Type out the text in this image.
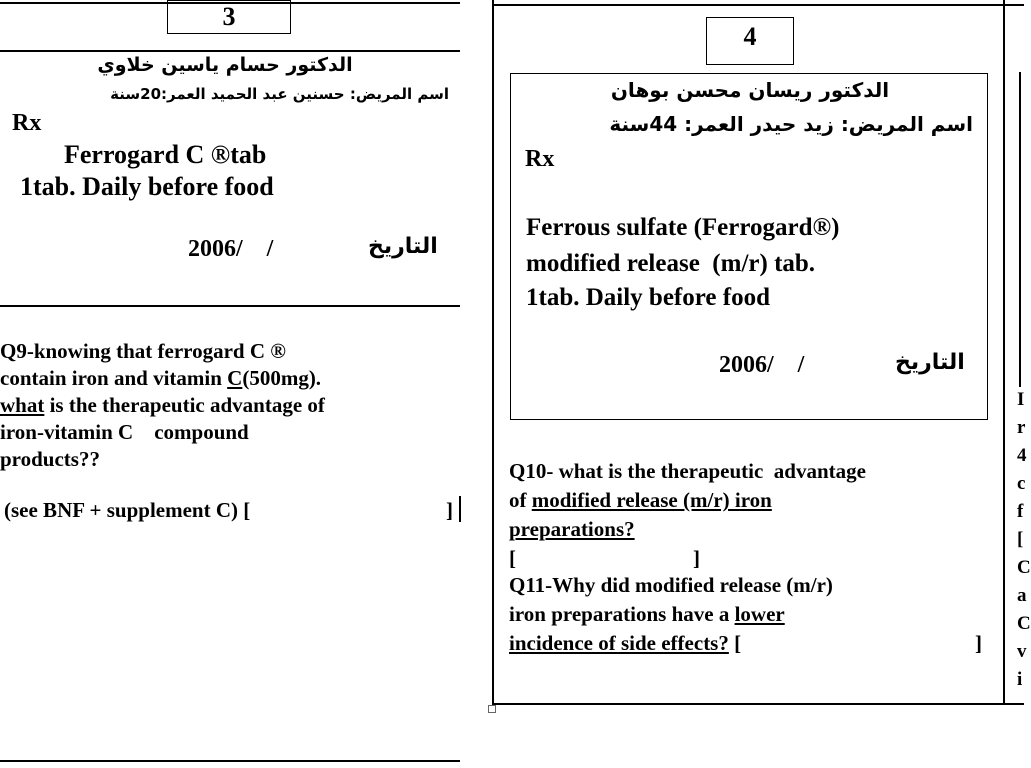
3
الدكتور حسام ياسين خلاوي
اسم المريض: حسنين عبد الحميد العمر:20سنة
Rx
Ferrogard C ®tab
1tab. Daily before food
2006/    /	التاريخ
Q9-knowing that ferrogard C ®
contain iron and vitamin C(500mg).
what is the therapeutic advantage of
iron-vitamin C    compound
products??
(see BNF + supplement C) [	]
4
الدكتور ريسان محسن بوهان
اسم المريض: زيد حيدر العمر: 44سنة
Rx
Ferrous sulfate (Ferrogard®)
modified release  (m/r) tab.
1tab. Daily before food
2006/    /	التاريخ
Q10- what is the therapeutic  advantage
of modified release (m/r) iron
preparations?
[	]
Q11-Why did modified release (m/r)
iron preparations have a lower
incidence of side effects? [	]
I
r
4
c
f
[
C
a
C
v
i
